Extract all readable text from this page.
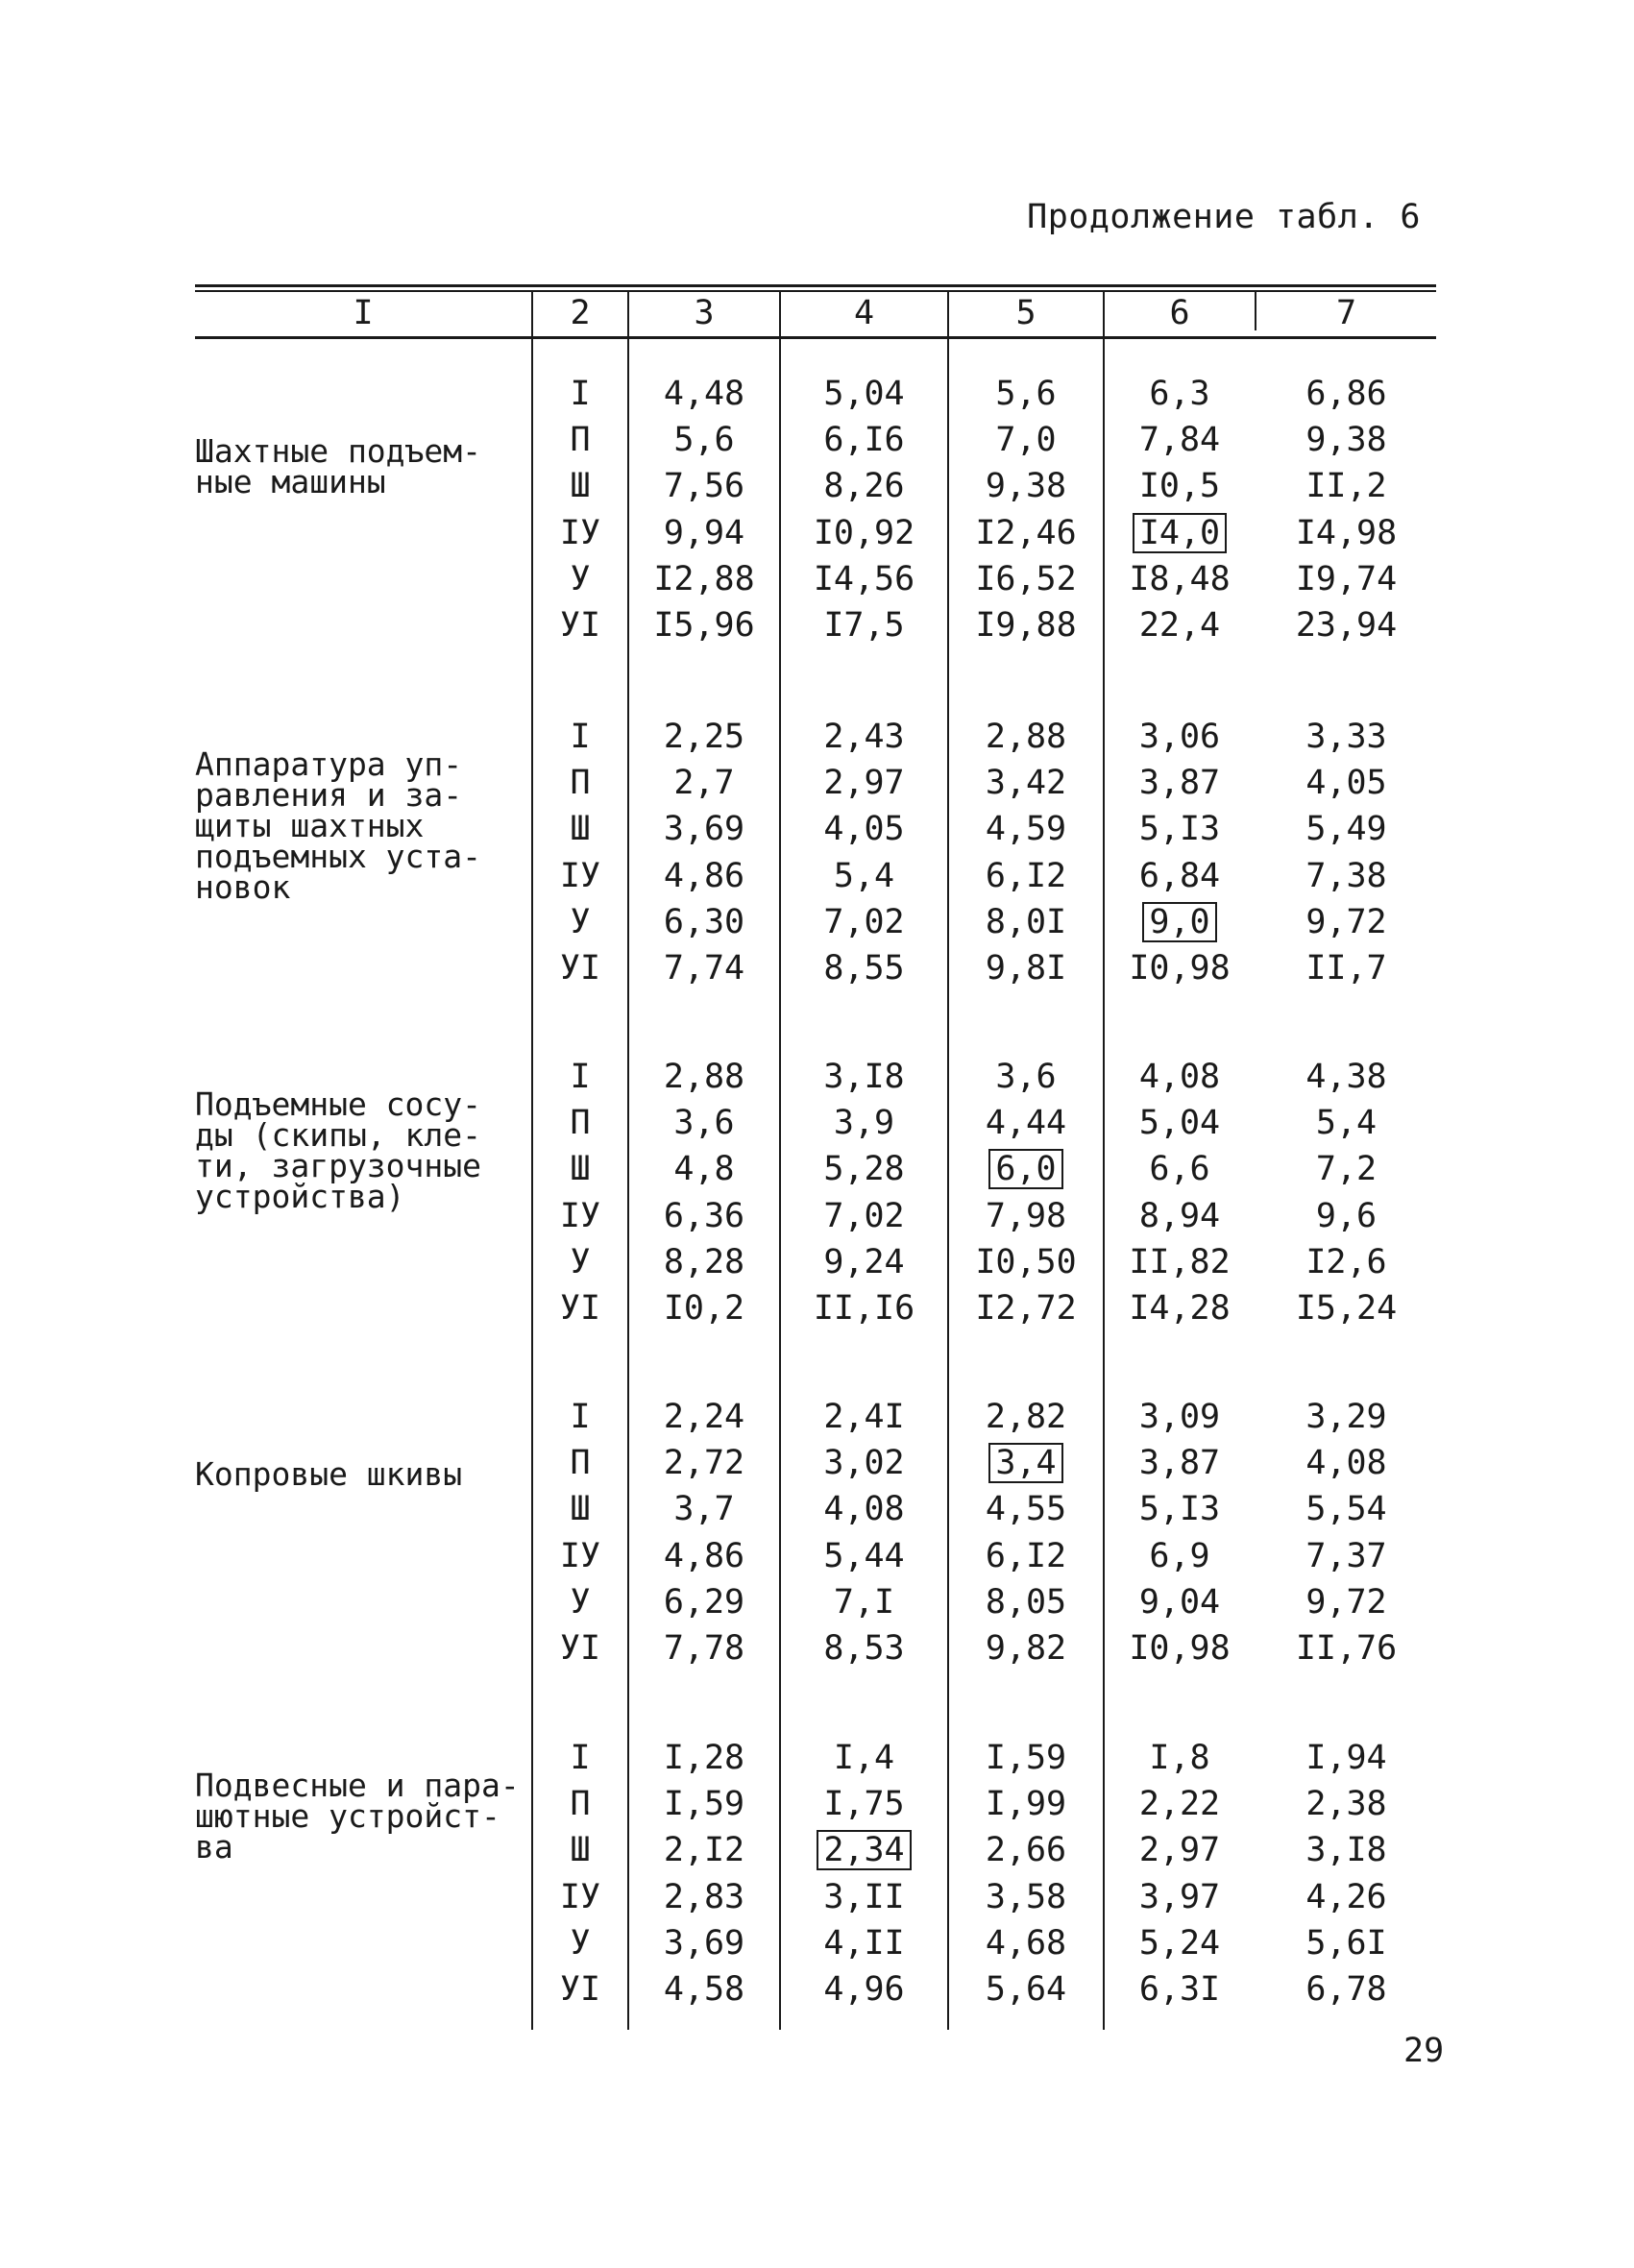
Продолжение табл. 6
I	2	3	4	5	6	7
Шахтные подъем-
ные машины
I	4,48	5,04	5,6	6,3	6,86
П	5,6	6,I6	7,0	7,84	9,38
Ш	7,56	8,26	9,38	I0,5	II,2
IУ	9,94	I0,92	I2,46	I4,0	I4,98
У	I2,88	I4,56	I6,52	I8,48	I9,74
УI	I5,96	I7,5	I9,88	22,4	23,94
Аппаратура уп-
равления и за-
щиты шахтных
подъемных уста-
новок
I	2,25	2,43	2,88	3,06	3,33
П	2,7	2,97	3,42	3,87	4,05
Ш	3,69	4,05	4,59	5,I3	5,49
IУ	4,86	5,4	6,I2	6,84	7,38
У	6,30	7,02	8,0I	9,0	9,72
УI	7,74	8,55	9,8I	I0,98	II,7
Подъемные сосу-
ды (скипы, кле-
ти, загрузочные
устройства)
I	2,88	3,I8	3,6	4,08	4,38
П	3,6	3,9	4,44	5,04	5,4
Ш	4,8	5,28	6,0	6,6	7,2
IУ	6,36	7,02	7,98	8,94	9,6
У	8,28	9,24	I0,50	II,82	I2,6
УI	I0,2	II,I6	I2,72	I4,28	I5,24
Копровые шкивы
I	2,24	2,4I	2,82	3,09	3,29
П	2,72	3,02	3,4	3,87	4,08
Ш	3,7	4,08	4,55	5,I3	5,54
IУ	4,86	5,44	6,I2	6,9	7,37
У	6,29	7,I	8,05	9,04	9,72
УI	7,78	8,53	9,82	I0,98	II,76
Подвесные и пара-
шютные устройст-
ва
I	I,28	I,4	I,59	I,8	I,94
П	I,59	I,75	I,99	2,22	2,38
Ш	2,I2	2,34	2,66	2,97	3,I8
IУ	2,83	3,II	3,58	3,97	4,26
У	3,69	4,II	4,68	5,24	5,6I
УI	4,58	4,96	5,64	6,3I	6,78
29
